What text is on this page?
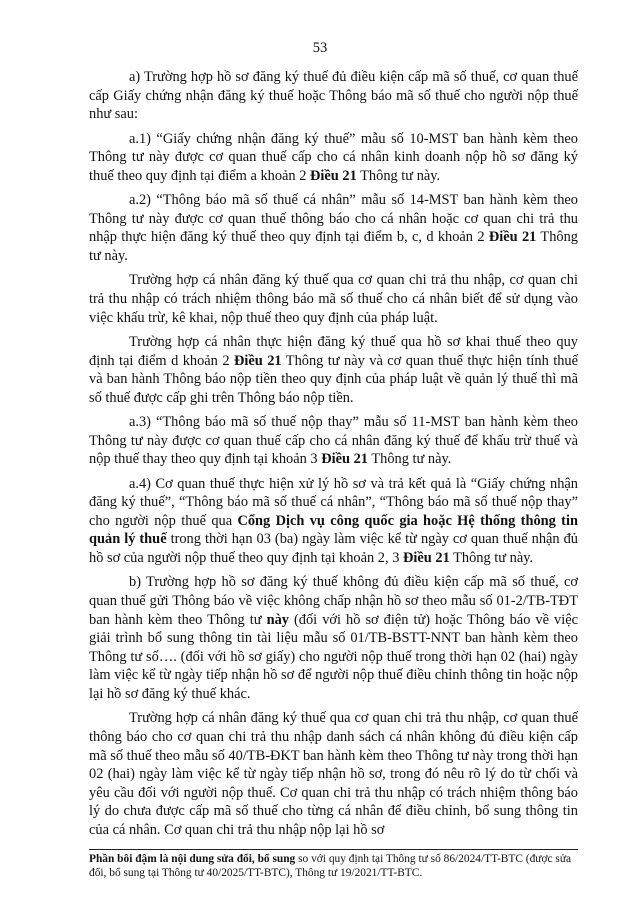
53

a) Trường hợp hồ sơ đăng ký thuế đủ điều kiện cấp mã số thuế, cơ quan thuế cấp Giấy chứng nhận đăng ký thuế hoặc Thông báo mã số thuế cho người nộp thuế như sau:

a.1) “Giấy chứng nhận đăng ký thuế” mẫu số 10-MST ban hành kèm theo Thông tư này được cơ quan thuế cấp cho cá nhân kinh doanh nộp hồ sơ đăng ký thuế theo quy định tại điểm a khoản 2 Điều 21 Thông tư này.

a.2) “Thông báo mã số thuế cá nhân” mẫu số 14-MST ban hành kèm theo Thông tư này được cơ quan thuế thông báo cho cá nhân hoặc cơ quan chi trả thu nhập thực hiện đăng ký thuế theo quy định tại điểm b, c, d khoản 2 Điều 21 Thông tư này.

Trường hợp cá nhân đăng ký thuế qua cơ quan chi trả thu nhập, cơ quan chi trả thu nhập có trách nhiệm thông báo mã số thuế cho cá nhân biết để sử dụng vào việc khấu trừ, kê khai, nộp thuế theo quy định của pháp luật.

Trường hợp cá nhân thực hiện đăng ký thuế qua hồ sơ khai thuế theo quy định tại điểm d khoản 2 Điều 21 Thông tư này và cơ quan thuế thực hiện tính thuế và ban hành Thông báo nộp tiền theo quy định của pháp luật về quản lý thuế thì mã số thuế được cấp ghi trên Thông báo nộp tiền.

a.3) “Thông báo mã số thuế nộp thay” mẫu số 11-MST ban hành kèm theo Thông tư này được cơ quan thuế cấp cho cá nhân đăng ký thuế để khấu trừ thuế và nộp thuế thay theo quy định tại khoản 3 Điều 21 Thông tư này.

a.4) Cơ quan thuế thực hiện xử lý hồ sơ và trả kết quả là “Giấy chứng nhận đăng ký thuế”, “Thông báo mã số thuế cá nhân”, “Thông báo mã số thuế nộp thay” cho người nộp thuế qua Cổng Dịch vụ công quốc gia hoặc Hệ thống thông tin quản lý thuế trong thời hạn 03 (ba) ngày làm việc kể từ ngày cơ quan thuế nhận đủ hồ sơ của người nộp thuế theo quy định tại khoản 2, 3 Điều 21 Thông tư này.

b) Trường hợp hồ sơ đăng ký thuế không đủ điều kiện cấp mã số thuế, cơ quan thuế gửi Thông báo về việc không chấp nhận hồ sơ theo mẫu số 01-2/TB-TĐT ban hành kèm theo Thông tư này (đối với hồ sơ điện tử) hoặc Thông báo về việc giải trình bổ sung thông tin tài liệu mẫu số 01/TB-BSTT-NNT ban hành kèm theo Thông tư số…. (đối với hồ sơ giấy) cho người nộp thuế trong thời hạn 02 (hai) ngày làm việc kể từ ngày tiếp nhận hồ sơ để người nộp thuế điều chỉnh thông tin hoặc nộp lại hồ sơ đăng ký thuế khác.

Trường hợp cá nhân đăng ký thuế qua cơ quan chi trả thu nhập, cơ quan thuế thông báo cho cơ quan chi trả thu nhập danh sách cá nhân không đủ điều kiện cấp mã số thuế theo mẫu số 40/TB-ĐKT ban hành kèm theo Thông tư này trong thời hạn 02 (hai) ngày làm việc kể từ ngày tiếp nhận hồ sơ, trong đó nêu rõ lý do từ chối và yêu cầu đối với người nộp thuế. Cơ quan chi trả thu nhập có trách nhiệm thông báo lý do chưa được cấp mã số thuế cho từng cá nhân để điều chỉnh, bổ sung thông tin của cá nhân. Cơ quan chi trả thu nhập nộp lại hồ sơ

Phần bôi đậm là nội dung sửa đổi, bổ sung so với quy định tại Thông tư số 86/2024/TT-BTC (được sửa đổi, bổ sung tại Thông tư 40/2025/TT-BTC), Thông tư 19/2021/TT-BTC.
